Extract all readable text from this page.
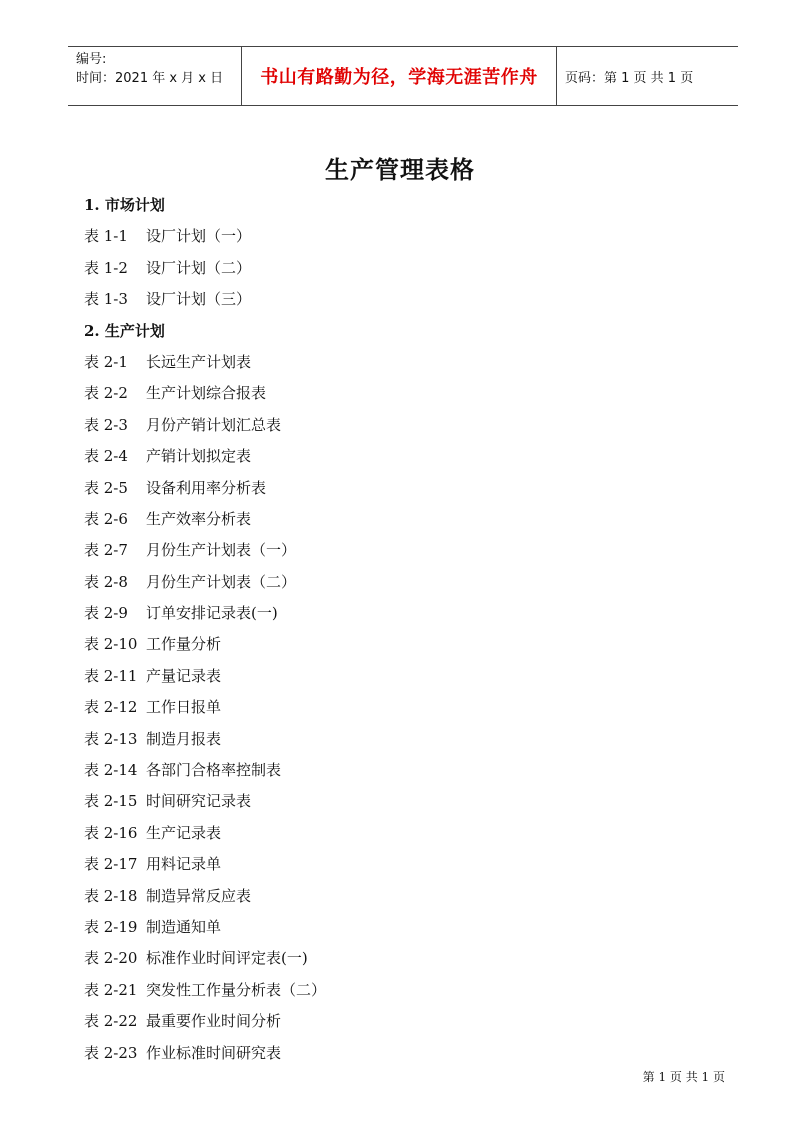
编号:
时间：2021 年 x 月 x 日	书山有路勤为径，学海无涯苦作舟	页码：第 1 页 共 1 页
生产管理表格
1. 市场计划
表 1-1 设厂计划（一）
表 1-2 设厂计划（二）
表 1-3 设厂计划（三）
2. 生产计划
表 2-1 长远生产计划表
表 2-2 生产计划综合报表
表 2-3 月份产销计划汇总表
表 2-4 产销计划拟定表
表 2-5 设备利用率分析表
表 2-6 生产效率分析表
表 2-7 月份生产计划表（一）
表 2-8 月份生产计划表（二）
表 2-9 订单安排记录表(一)
表 2-10 工作量分析
表 2-11 产量记录表
表 2-12 工作日报单
表 2-13 制造月报表
表 2-14 各部门合格率控制表
表 2-15 时间研究记录表
表 2-16 生产记录表
表 2-17 用料记录单
表 2-18 制造异常反应表
表 2-19 制造通知单
表 2-20 标准作业时间评定表(一)
表 2-21 突发性工作量分析表（二）
表 2-22 最重要作业时间分析
表 2-23 作业标准时间研究表
第 1 页 共 1 页
